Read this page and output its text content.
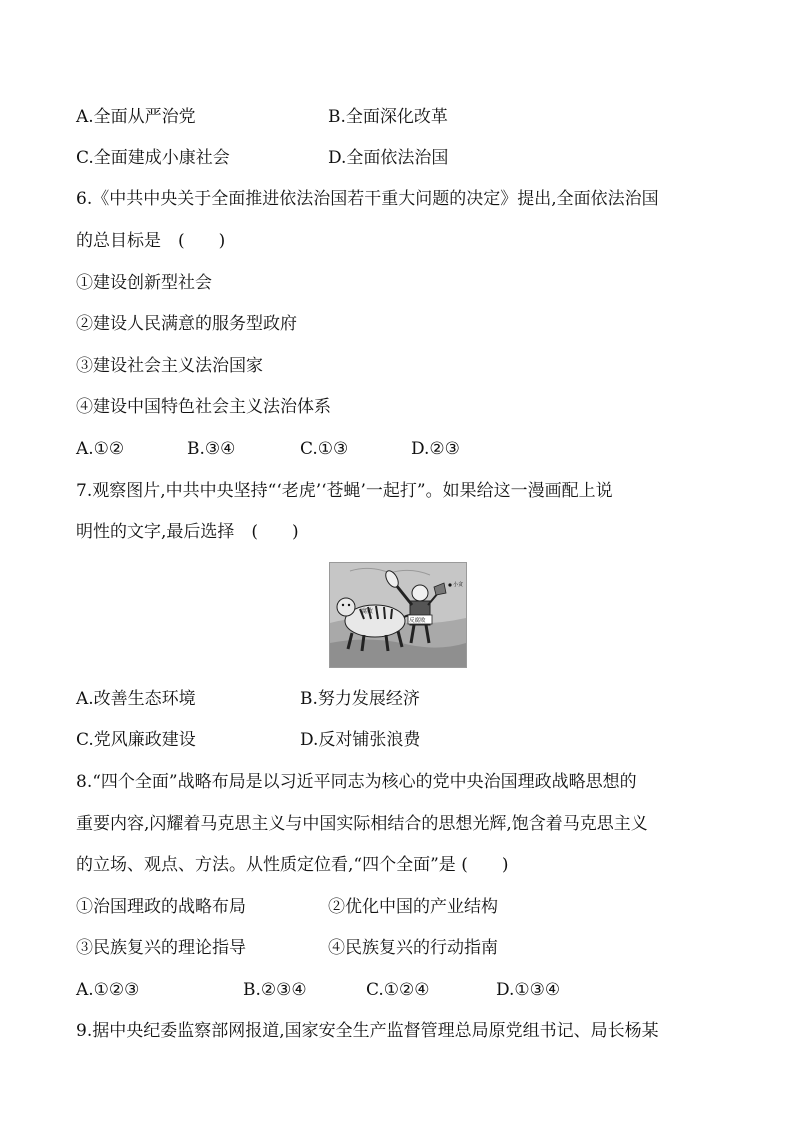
A.全面从严治党	B.全面深化改革
C.全面建成小康社会	D.全面依法治国
6.《中共中央关于全面推进依法治国若干重大问题的决定》提出,全面依法治国
的总目标是　(　　)
①建设创新型社会
②建设人民满意的服务型政府
③建设社会主义法治国家
④建设中国特色社会主义法治体系
A.①②	B.③④	C.①③	D.②③
7.观察图片,中共中央坚持“‘老虎’‘苍蝇’一起打”。如果给这一漫画配上说
明性的文字,最后选择　(　　)
腐败
反腐败
小贪
A.改善生态环境	B.努力发展经济
C.党风廉政建设	D.反对铺张浪费
8.“四个全面”战略布局是以习近平同志为核心的党中央治国理政战略思想的
重要内容,闪耀着马克思主义与中国实际相结合的思想光辉,饱含着马克思主义
的立场、观点、方法。从性质定位看,“四个全面”是 (　　)
①治国理政的战略布局	②优化中国的产业结构
③民族复兴的理论指导	④民族复兴的行动指南
A.①②③	B.②③④	C.①②④	D.①③④
9.据中央纪委监察部网报道,国家安全生产监督管理总局原党组书记、局长杨某
